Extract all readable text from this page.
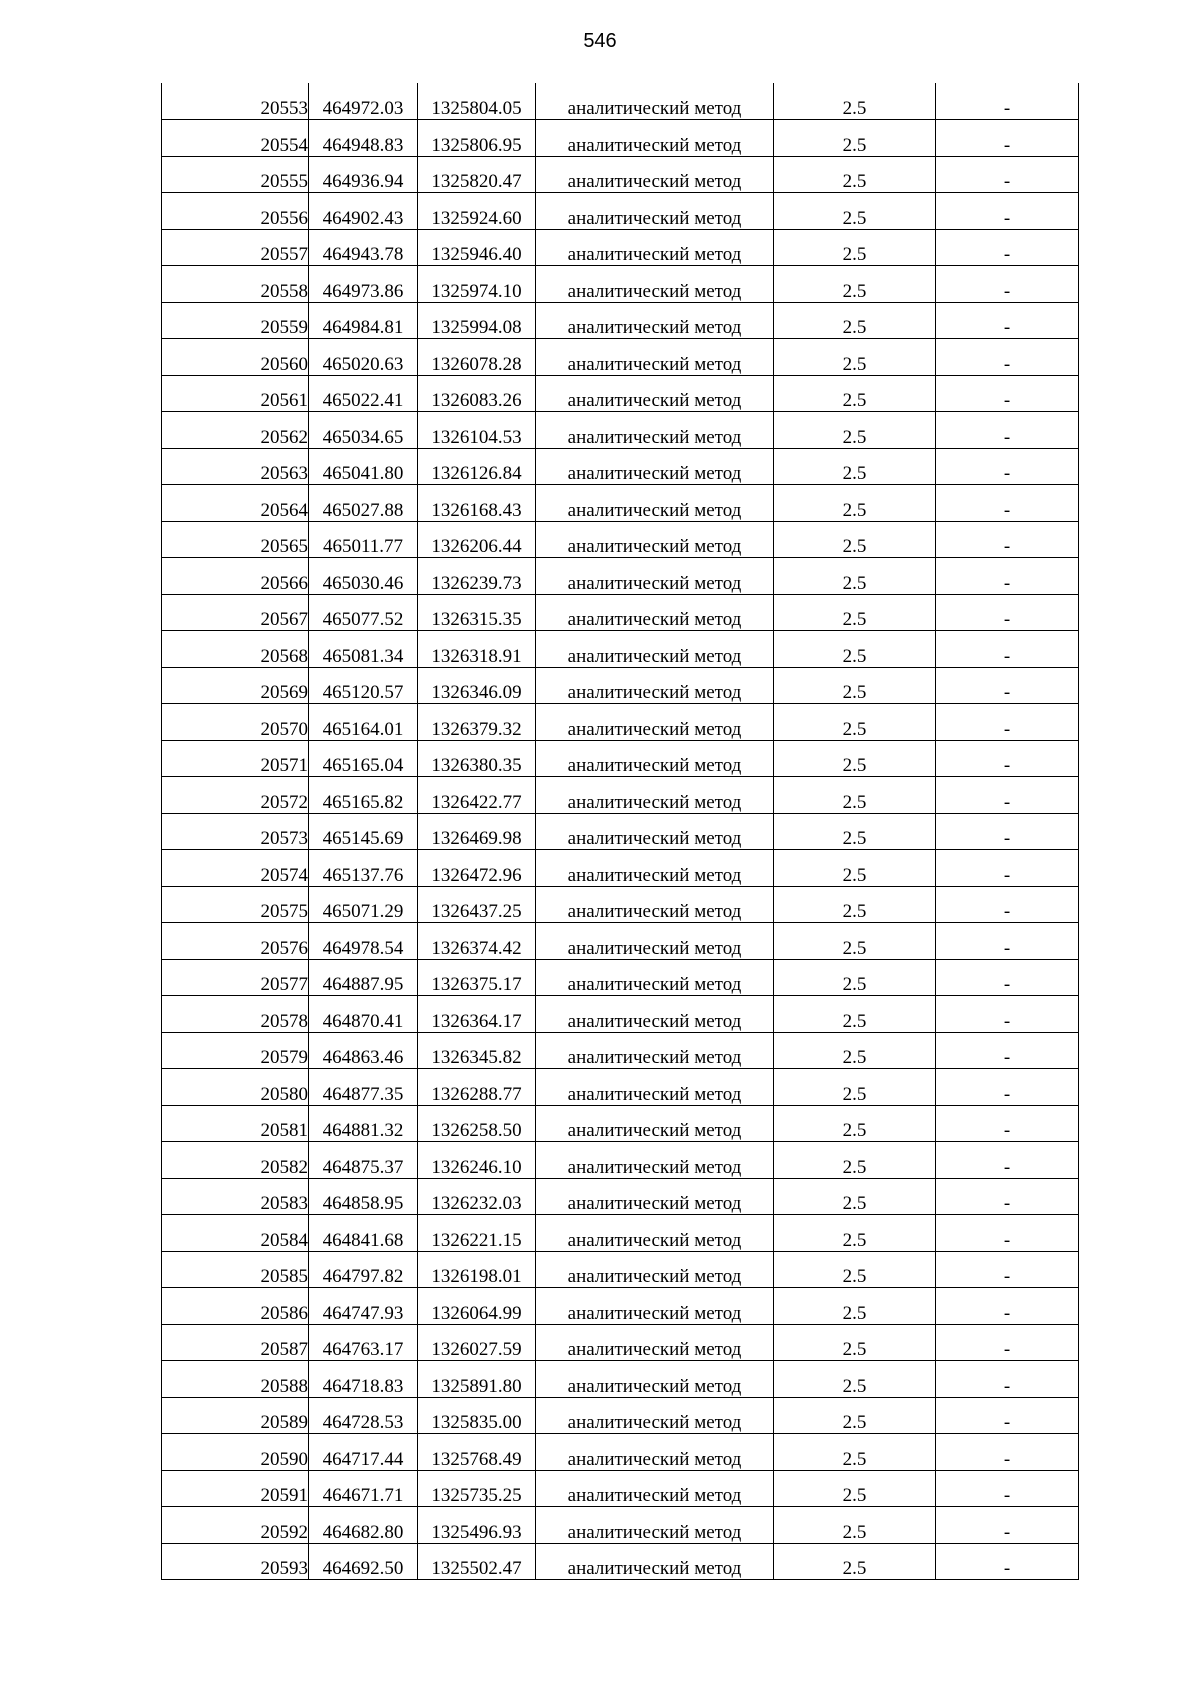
546
20553	464972.03	1325804.05	аналитический метод	2.5	-
20554	464948.83	1325806.95	аналитический метод	2.5	-
20555	464936.94	1325820.47	аналитический метод	2.5	-
20556	464902.43	1325924.60	аналитический метод	2.5	-
20557	464943.78	1325946.40	аналитический метод	2.5	-
20558	464973.86	1325974.10	аналитический метод	2.5	-
20559	464984.81	1325994.08	аналитический метод	2.5	-
20560	465020.63	1326078.28	аналитический метод	2.5	-
20561	465022.41	1326083.26	аналитический метод	2.5	-
20562	465034.65	1326104.53	аналитический метод	2.5	-
20563	465041.80	1326126.84	аналитический метод	2.5	-
20564	465027.88	1326168.43	аналитический метод	2.5	-
20565	465011.77	1326206.44	аналитический метод	2.5	-
20566	465030.46	1326239.73	аналитический метод	2.5	-
20567	465077.52	1326315.35	аналитический метод	2.5	-
20568	465081.34	1326318.91	аналитический метод	2.5	-
20569	465120.57	1326346.09	аналитический метод	2.5	-
20570	465164.01	1326379.32	аналитический метод	2.5	-
20571	465165.04	1326380.35	аналитический метод	2.5	-
20572	465165.82	1326422.77	аналитический метод	2.5	-
20573	465145.69	1326469.98	аналитический метод	2.5	-
20574	465137.76	1326472.96	аналитический метод	2.5	-
20575	465071.29	1326437.25	аналитический метод	2.5	-
20576	464978.54	1326374.42	аналитический метод	2.5	-
20577	464887.95	1326375.17	аналитический метод	2.5	-
20578	464870.41	1326364.17	аналитический метод	2.5	-
20579	464863.46	1326345.82	аналитический метод	2.5	-
20580	464877.35	1326288.77	аналитический метод	2.5	-
20581	464881.32	1326258.50	аналитический метод	2.5	-
20582	464875.37	1326246.10	аналитический метод	2.5	-
20583	464858.95	1326232.03	аналитический метод	2.5	-
20584	464841.68	1326221.15	аналитический метод	2.5	-
20585	464797.82	1326198.01	аналитический метод	2.5	-
20586	464747.93	1326064.99	аналитический метод	2.5	-
20587	464763.17	1326027.59	аналитический метод	2.5	-
20588	464718.83	1325891.80	аналитический метод	2.5	-
20589	464728.53	1325835.00	аналитический метод	2.5	-
20590	464717.44	1325768.49	аналитический метод	2.5	-
20591	464671.71	1325735.25	аналитический метод	2.5	-
20592	464682.80	1325496.93	аналитический метод	2.5	-
20593	464692.50	1325502.47	аналитический метод	2.5	-
